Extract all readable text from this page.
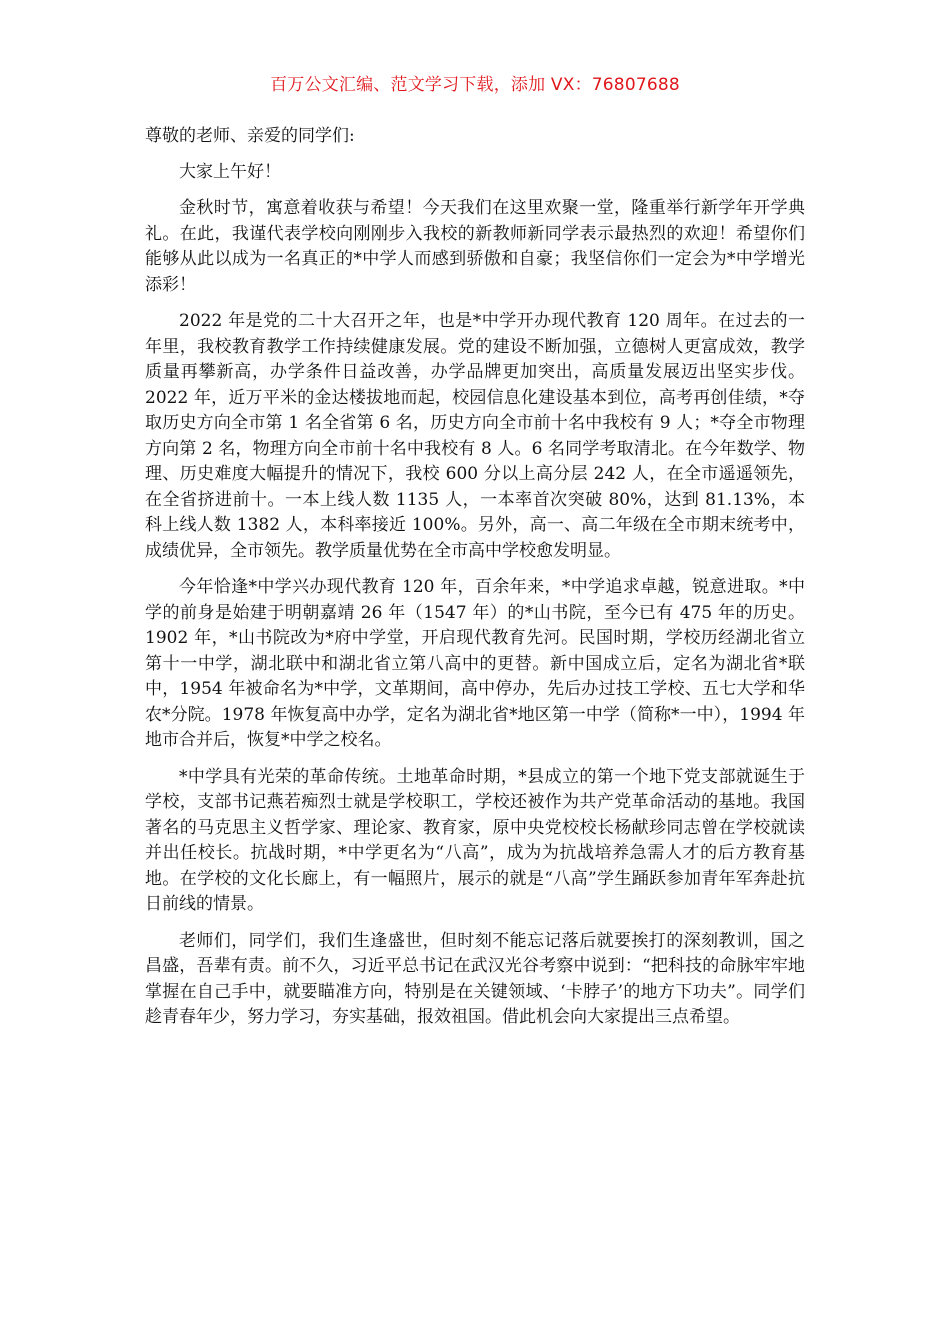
百万公文汇编、范文学习下载，添加 VX：76807688
尊敬的老师、亲爱的同学们:

大家上午好！

金秋时节，寓意着收获与希望！今天我们在这里欢聚一堂，隆重举行新学年开学典礼。在此，我谨代表学校向刚刚步入我校的新教师新同学表示最热烈的欢迎！希望你们能够从此以成为一名真正的*中学人而感到骄傲和自豪；我坚信你们一定会为*中学增光添彩！

2022 年是党的二十大召开之年，也是*中学开办现代教育 120 周年。在过去的一年里，我校教育教学工作持续健康发展。党的建设不断加强，立德树人更富成效，教学质量再攀新高，办学条件日益改善，办学品牌更加突出，高质量发展迈出坚实步伐。2022 年，近万平米的金达楼拔地而起，校园信息化建设基本到位，高考再创佳绩，*夺取历史方向全市第 1 名全省第 6 名，历史方向全市前十名中我校有 9 人；*夺全市物理方向第 2 名，物理方向全市前十名中我校有 8 人。6 名同学考取清北。在今年数学、物理、历史难度大幅提升的情况下，我校 600 分以上高分层 242 人，在全市遥遥领先，在全省挤进前十。一本上线人数 1135 人，一本率首次突破 80%，达到 81.13%，本科上线人数 1382 人，本科率接近 100%。另外，高一、高二年级在全市期末统考中，成绩优异，全市领先。教学质量优势在全市高中学校愈发明显。

今年恰逢*中学兴办现代教育 120 年，百余年来，*中学追求卓越，锐意进取。*中学的前身是始建于明朝嘉靖 26 年（1547 年）的*山书院，至今已有 475 年的历史。1902 年，*山书院改为*府中学堂，开启现代教育先河。民国时期，学校历经湖北省立第十一中学，湖北联中和湖北省立第八高中的更替。新中国成立后，定名为湖北省*联中，1954 年被命名为*中学，文革期间，高中停办，先后办过技工学校、五七大学和华农*分院。1978 年恢复高中办学，定名为湖北省*地区第一中学（简称*一中），1994 年地市合并后，恢复*中学之校名。

*中学具有光荣的革命传统。土地革命时期，*县成立的第一个地下党支部就诞生于学校，支部书记燕若痴烈士就是学校职工，学校还被作为共产党革命活动的基地。我国著名的马克思主义哲学家、理论家、教育家，原中央党校校长杨献珍同志曾在学校就读并出任校长。抗战时期，*中学更名为“八高”，成为为抗战培养急需人才的后方教育基地。在学校的文化长廊上，有一幅照片，展示的就是“八高”学生踊跃参加青年军奔赴抗日前线的情景。

老师们，同学们，我们生逢盛世，但时刻不能忘记落后就要挨打的深刻教训，国之昌盛，吾辈有责。前不久，习近平总书记在武汉光谷考察中说到：“把科技的命脉牢牢地掌握在自己手中，就要瞄准方向，特别是在关键领域、‘卡脖子’的地方下功夫”。同学们趁青春年少，努力学习，夯实基础，报效祖国。借此机会向大家提出三点希望。
